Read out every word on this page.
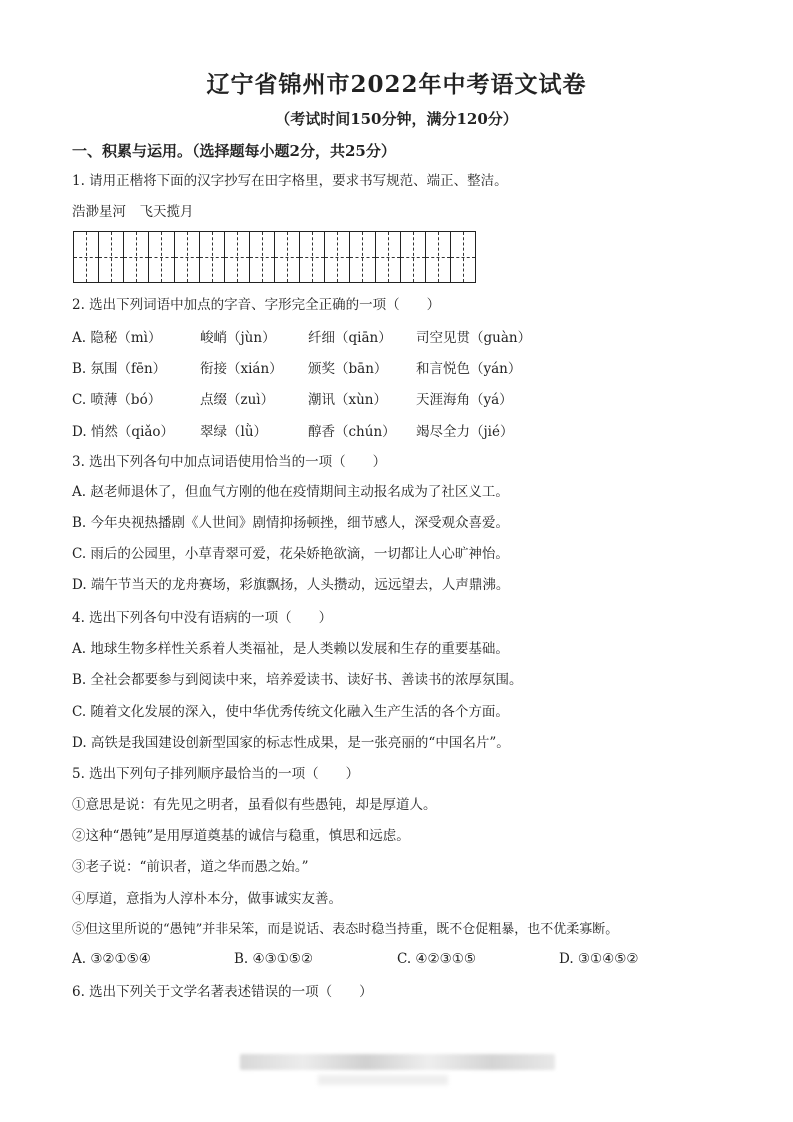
辽宁省锦州市2022年中考语文试卷
（考试时间150分钟，满分120分）
一、积累与运用。（选择题每小题2分，共25分）
1. 请用正楷将下面的汉字抄写在田字格里，要求书写规范、端正、整洁。
浩渺星河　飞天揽月
2. 选出下列词语中加点的字音、字形完全正确的一项（　　）
A. 隐秘（mì）	峻峭（jùn） 纤细（qiān） 司空见贯（guàn）
B. 氛围（fēn）	衔接（xián） 颁奖（bān） 和言悦色（yán）
C. 喷薄（bó）	点缀（zuì）	潮讯（xùn） 天涯海角（yá）
D. 悄然（qiǎo） 翠绿（lǜ）	醇香（chún） 竭尽全力（jié）
3. 选出下列各句中加点词语使用恰当的一项（　　）
A. 赵老师退休了，但血气方刚的他在疫情期间主动报名成为了社区义工。
B. 今年央视热播剧《人世间》剧情抑扬顿挫，细节感人，深受观众喜爱。
C. 雨后的公园里，小草青翠可爱，花朵娇艳欲滴，一切都让人心旷神怡。
D. 端午节当天的龙舟赛场，彩旗飘扬，人头攒动，远远望去，人声鼎沸。
4. 选出下列各句中没有语病的一项（　　）
A. 地球生物多样性关系着人类福祉，是人类赖以发展和生存的重要基础。
B. 全社会都要参与到阅读中来，培养爱读书、读好书、善读书的浓厚氛围。
C. 随着文化发展的深入，使中华优秀传统文化融入生产生活的各个方面。
D. 高铁是我国建设创新型国家的标志性成果，是一张亮丽的“中国名片”。
5. 选出下列句子排列顺序最恰当的一项（　　）
①意思是说：有先见之明者，虽看似有些愚钝，却是厚道人。
②这种“愚钝”是用厚道奠基的诚信与稳重，慎思和远虑。
③老子说：“前识者，道之华而愚之始。”
④厚道，意指为人淳朴本分，做事诚实友善。
⑤但这里所说的“愚钝”并非呆笨，而是说话、表态时稳当持重，既不仓促粗暴，也不优柔寡断。
A. ③②①⑤④	B. ④③①⑤②	C. ④②③①⑤	D. ③①④⑤②
6. 选出下列关于文学名著表述错误的一项（　　）
